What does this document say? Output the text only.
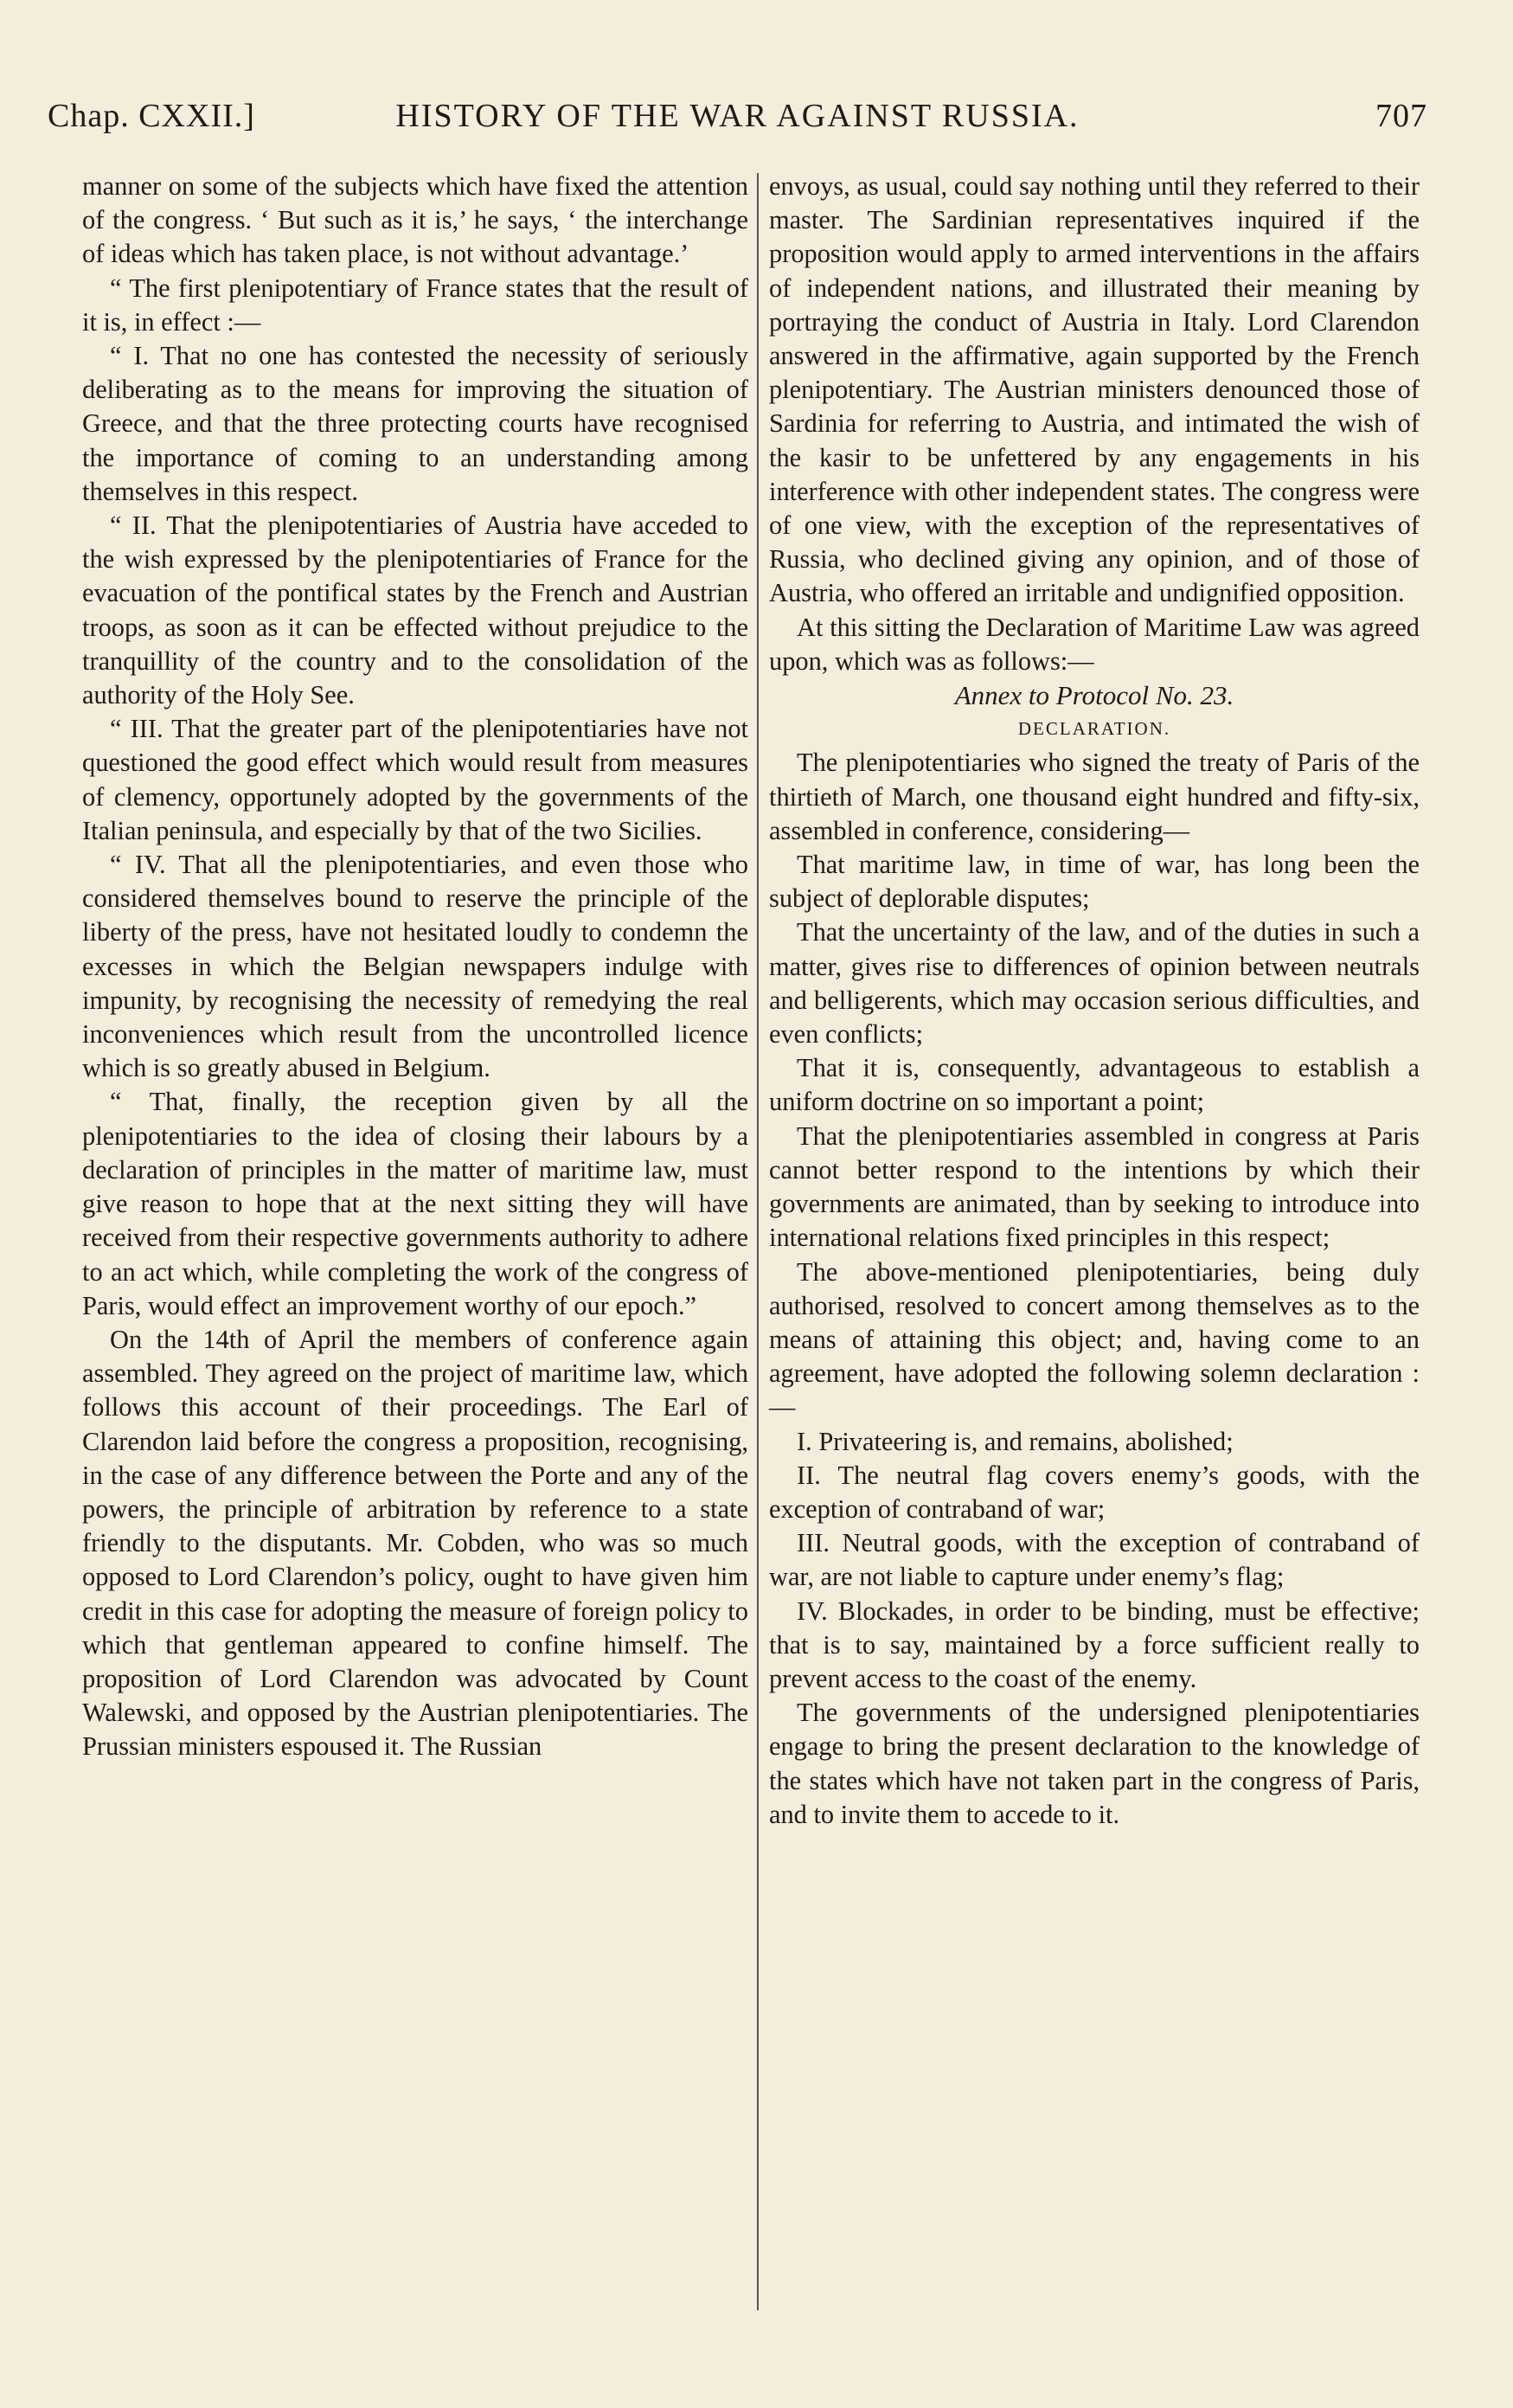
Chap. CXXII.]	HISTORY OF THE WAR AGAINST RUSSIA.	707

manner on some of the subjects which have fixed the attention of the congress. ‘ But such as it is,’ he says, ‘ the interchange of ideas which has taken place, is not without advantage.’

“ The first plenipotentiary of France states that the result of it is, in effect :—

“ I. That no one has contested the necessity of seriously deliberating as to the means for improving the situation of Greece, and that the three protecting courts have recognised the importance of coming to an understanding among themselves in this respect.

“ II. That the plenipotentiaries of Austria have acceded to the wish expressed by the plenipotentiaries of France for the evacuation of the pontifical states by the French and Austrian troops, as soon as it can be effected without prejudice to the tranquillity of the country and to the consolidation of the authority of the Holy See.

“ III. That the greater part of the plenipotentiaries have not questioned the good effect which would result from measures of clemency, opportunely adopted by the governments of the Italian peninsula, and especially by that of the two Sicilies.

“ IV. That all the plenipotentiaries, and even those who considered themselves bound to reserve the principle of the liberty of the press, have not hesitated loudly to condemn the excesses in which the Belgian newspapers indulge with impunity, by recognising the necessity of remedying the real inconveniences which result from the uncontrolled licence which is so greatly abused in Belgium.

“ That, finally, the reception given by all the plenipotentiaries to the idea of closing their labours by a declaration of principles in the matter of maritime law, must give reason to hope that at the next sitting they will have received from their respective governments authority to adhere to an act which, while completing the work of the congress of Paris, would effect an improvement worthy of our epoch.”

On the 14th of April the members of conference again assembled. They agreed on the project of maritime law, which follows this account of their proceedings. The Earl of Clarendon laid before the congress a proposition, recognising, in the case of any difference between the Porte and any of the powers, the principle of arbitration by reference to a state friendly to the disputants. Mr. Cobden, who was so much opposed to Lord Clarendon’s policy, ought to have given him credit in this case for adopting the measure of foreign policy to which that gentleman appeared to confine himself. The proposition of Lord Clarendon was advocated by Count Walewski, and opposed by the Austrian plenipotentiaries. The Prussian ministers espoused it. The Russian

envoys, as usual, could say nothing until they referred to their master. The Sardinian representatives inquired if the proposition would apply to armed interventions in the affairs of independent nations, and illustrated their meaning by portraying the conduct of Austria in Italy. Lord Clarendon answered in the affirmative, again supported by the French plenipotentiary. The Austrian ministers denounced those of Sardinia for referring to Austria, and intimated the wish of the kasir to be unfettered by any engagements in his interference with other independent states. The congress were of one view, with the exception of the representatives of Russia, who declined giving any opinion, and of those of Austria, who offered an irritable and undignified opposition.

At this sitting the Declaration of Maritime Law was agreed upon, which was as follows:—

Annex to Protocol No. 23.

DECLARATION.

The plenipotentiaries who signed the treaty of Paris of the thirtieth of March, one thousand eight hundred and fifty-six, assembled in conference, considering—

That maritime law, in time of war, has long been the subject of deplorable disputes;

That the uncertainty of the law, and of the duties in such a matter, gives rise to differences of opinion between neutrals and belligerents, which may occasion serious difficulties, and even conflicts;

That it is, consequently, advantageous to establish a uniform doctrine on so important a point;

That the plenipotentiaries assembled in congress at Paris cannot better respond to the intentions by which their governments are animated, than by seeking to introduce into international relations fixed principles in this respect;

The above-mentioned plenipotentiaries, being duly authorised, resolved to concert among themselves as to the means of attaining this object; and, having come to an agreement, have adopted the following solemn declaration :—

I. Privateering is, and remains, abolished;

II. The neutral flag covers enemy’s goods, with the exception of contraband of war;

III. Neutral goods, with the exception of contraband of war, are not liable to capture under enemy’s flag;

IV. Blockades, in order to be binding, must be effective; that is to say, maintained by a force sufficient really to prevent access to the coast of the enemy.

The governments of the undersigned plenipotentiaries engage to bring the present declaration to the knowledge of the states which have not taken part in the congress of Paris, and to invite them to accede to it.
